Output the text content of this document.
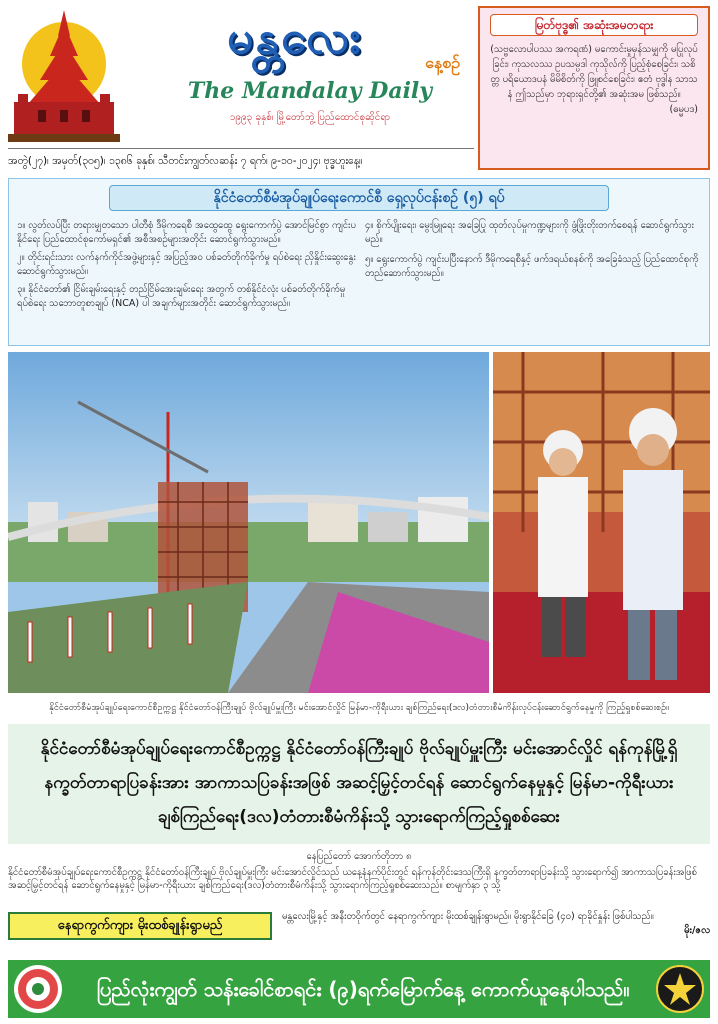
မန္တလေး	နေ့စဉ်
The Mandalay Daily
၁၉၉၃ ခုနှစ်၊ မြို့တော်ဘွဲ့ ပြည်ထောင်စုဆိုင်ရာ
အတွဲ(၂၇)၊ အမှတ်(၃၀၅)၊ ၁၃၈၆ ခုနှစ်၊ သီတင်းကျွတ်လဆန်း ၇ ရက်၊ ၉-၁၀-၂၀၂၄၊ ဗုဒ္ဓဟူးနေ့။
မြတ်ဗုဒ္ဓ၏ အဆုံးအမတရား
(သဗ္ဗလောပါပဿ အကရဏံ) မကောင်းမှုမှန်သမျှကို မပြုလုပ်ခြင်း၊ ကုသလဿ ဥပသမ္ပဒါ ကုသိုလ်ကို ပြည့်စုံစေခြင်း၊ သစိတ္တ ပရိယောဒပနံ မိမိစိတ်ကို ဖြူစင်စေခြင်း၊ ဧတံ ဗုဒ္ဓါန သာသနံ ဤသည်မှာ ဘုရားရှင်တို့၏ အဆုံးအမ ဖြစ်သည်။
(ဓမ္မပဒ)
နိုင်ငံတော်စီမံအုပ်ချုပ်ရေးကောင်စီ ရှေ့လုပ်ငန်းစဉ် (၅) ရပ်
၁။ လွတ်လပ်ပြီး တရားမျှတသော ပါတီစုံ ဒီမိုကရေစီ အထွေထွေ ရွေးကောက်ပွဲ အောင်မြင်စွာ ကျင်းပနိုင်ရေး ပြည်ထောင်စုကော်မရှင်၏ အစီအစဉ်များအတိုင်း ဆောင်ရွက်သွားမည်။
၂။ တိုင်းရင်းသား လက်နက်ကိုင်အဖွဲ့များနှင့် အပြည့်အဝ ပစ်ခတ်တိုက်ခိုက်မှု ရပ်စဲရေး ညှိနှိုင်းဆွေးနွေး ဆောင်ရွက်သွားမည်။
၃။ နိုင်ငံတော်၏ ငြိမ်းချမ်းရေးနှင့် တည်ငြိမ်အေးချမ်းရေး အတွက် တစ်နိုင်ငံလုံး ပစ်ခတ်တိုက်ခိုက်မှု ရပ်စဲရေး သဘောတူစာချုပ် (NCA) ပါ အချက်များအတိုင်း ဆောင်ရွက်သွားမည်။
၄။ စိုက်ပျိုးရေး၊ မွေးမြူရေး အခြေပြု ထုတ်လုပ်မှုကဏ္ဍများကို ဖွံ့ဖြိုးတိုးတက်စေရန် ဆောင်ရွက်သွားမည်။
၅။ ရွေးကောက်ပွဲ ကျင်းပပြီးနောက် ဒီမိုကရေစီနှင့် ဖက်ဒရယ်စနစ်ကို အခြေခံသည့် ပြည်ထောင်စုကို တည်ဆောက်သွားမည်။
နိုင်ငံတော်စီမံအုပ်ချုပ်ရေးကောင်စီဥက္ကဋ္ဌ နိုင်ငံတော်ဝန်ကြီးချုပ် ဗိုလ်ချုပ်မှူးကြီး မင်းအောင်လှိုင် မြန်မာ-ကိုရီးယား ချစ်ကြည်ရေး(ဒလ)တံတားစီမံကိန်းလုပ်ငန်းဆောင်ရွက်နေမှုကို ကြည့်ရှုစစ်ဆေးစဉ်။
နိုင်ငံတော်စီမံအုပ်ချုပ်ရေးကောင်စီဥက္ကဋ္ဌ နိုင်ငံတော်ဝန်ကြီးချုပ် ဗိုလ်ချုပ်မှူးကြီး မင်းအောင်လှိုင် ရန်ကုန်မြို့ရှိ နက္ခတ်တာရာပြခန်းအား အာကာသပြခန်းအဖြစ် အဆင့်မြှင့်တင်ရန် ဆောင်ရွက်နေမှုနှင့် မြန်မာ-ကိုရီးယား ချစ်ကြည်ရေး(ဒလ)တံတားစီမံကိန်းသို့ သွားရောက်ကြည့်ရှုစစ်ဆေး
နေပြည်တော် အောက်တိုဘာ ၈
နိုင်ငံတော်စီမံအုပ်ချုပ်ရေးကောင်စီဥက္ကဋ္ဌ နိုင်ငံတော်ဝန်ကြီးချုပ် ဗိုလ်ချုပ်မှူးကြီး မင်းအောင်လှိုင်သည် ယနေ့နံနက်ပိုင်းတွင် ရန်ကုန်တိုင်းဒေသကြီးရှိ နက္ခတ်တာရာပြခန်းသို့ သွားရောက်၍ အာကာသပြခန်းအဖြစ် အဆင့်မြှင့်တင်ရန် ဆောင်ရွက်နေမှုနှင့် မြန်မာ-ကိုရီးယား ချစ်ကြည်ရေး(ဒလ)တံတားစီမံကိန်းသို့ သွားရောက်ကြည့်ရှုစစ်ဆေးသည်။ စာမျက်နှာ ၃ သို့
နေရာကွက်ကျား မိုးထစ်ချုန်းရွာမည်
မန္တလေးမြို့နှင့် အနီးတဝိုက်တွင် နေရာကွက်ကျား မိုးထစ်ချုန်းရွာမည်။ မိုးရွာနိုင်ခြေ (၄၀) ရာခိုင်နှုန်း ဖြစ်ပါသည်။
မိုး/ဇလ
ပြည်လုံးကျွတ် သန်းခေါင်စာရင်း (၉)ရက်မြောက်နေ့ ကောက်ယူနေပါသည်။
